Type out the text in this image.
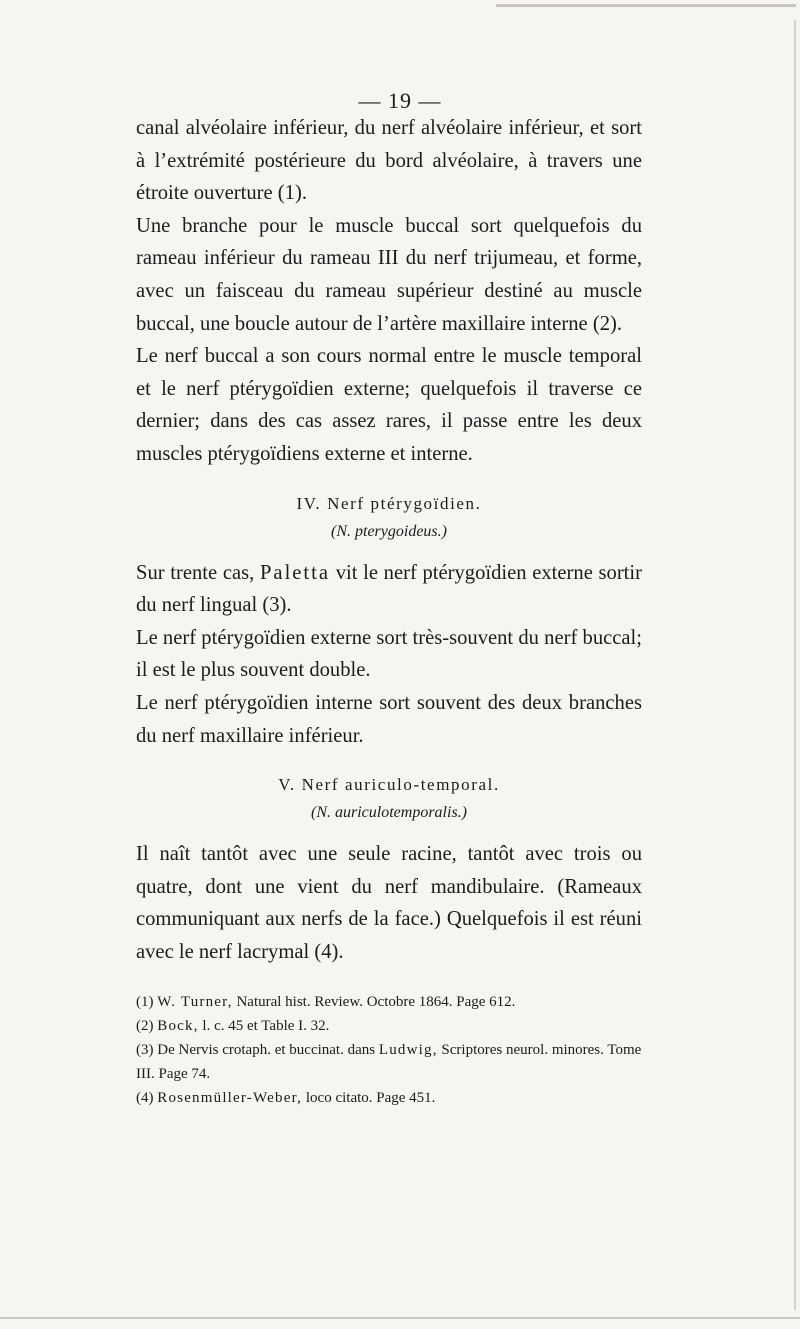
— 19 —

canal alvéolaire inférieur, du nerf alvéolaire inférieur, et sort à l’extrémité postérieure du bord alvéolaire, à travers une étroite ouverture (1).

Une branche pour le muscle buccal sort quelquefois du rameau inférieur du rameau III du nerf trijumeau, et forme, avec un faisceau du rameau supérieur destiné au muscle buccal, une boucle autour de l’artère maxillaire interne (2).

Le nerf buccal a son cours normal entre le muscle temporal et le nerf ptérygoïdien externe; quelquefois il traverse ce dernier; dans des cas assez rares, il passe entre les deux muscles ptérygoïdiens externe et interne.

IV. Nerf ptérygoïdien.
(N. pterygoideus.)

Sur trente cas, Paletta vit le nerf ptérygoïdien externe sortir du nerf lingual (3).

Le nerf ptérygoïdien externe sort très-souvent du nerf buccal; il est le plus souvent double.

Le nerf ptérygoïdien interne sort souvent des deux branches du nerf maxillaire inférieur.

V. Nerf auriculo-temporal.
(N. auriculotemporalis.)

Il naît tantôt avec une seule racine, tantôt avec trois ou quatre, dont une vient du nerf mandibulaire. (Rameaux communiquant aux nerfs de la face.) Quelquefois il est réuni avec le nerf lacrymal (4).

(1) W. Turner, Natural hist. Review. Octobre 1864. Page 612.

(2) Bock, l. c. 45 et Table I. 32.

(3) De Nervis crotaph. et buccinat. dans Ludwig, Scriptores neurol. minores. Tome III. Page 74.

(4) Rosenmüller-Weber, loco citato. Page 451.
